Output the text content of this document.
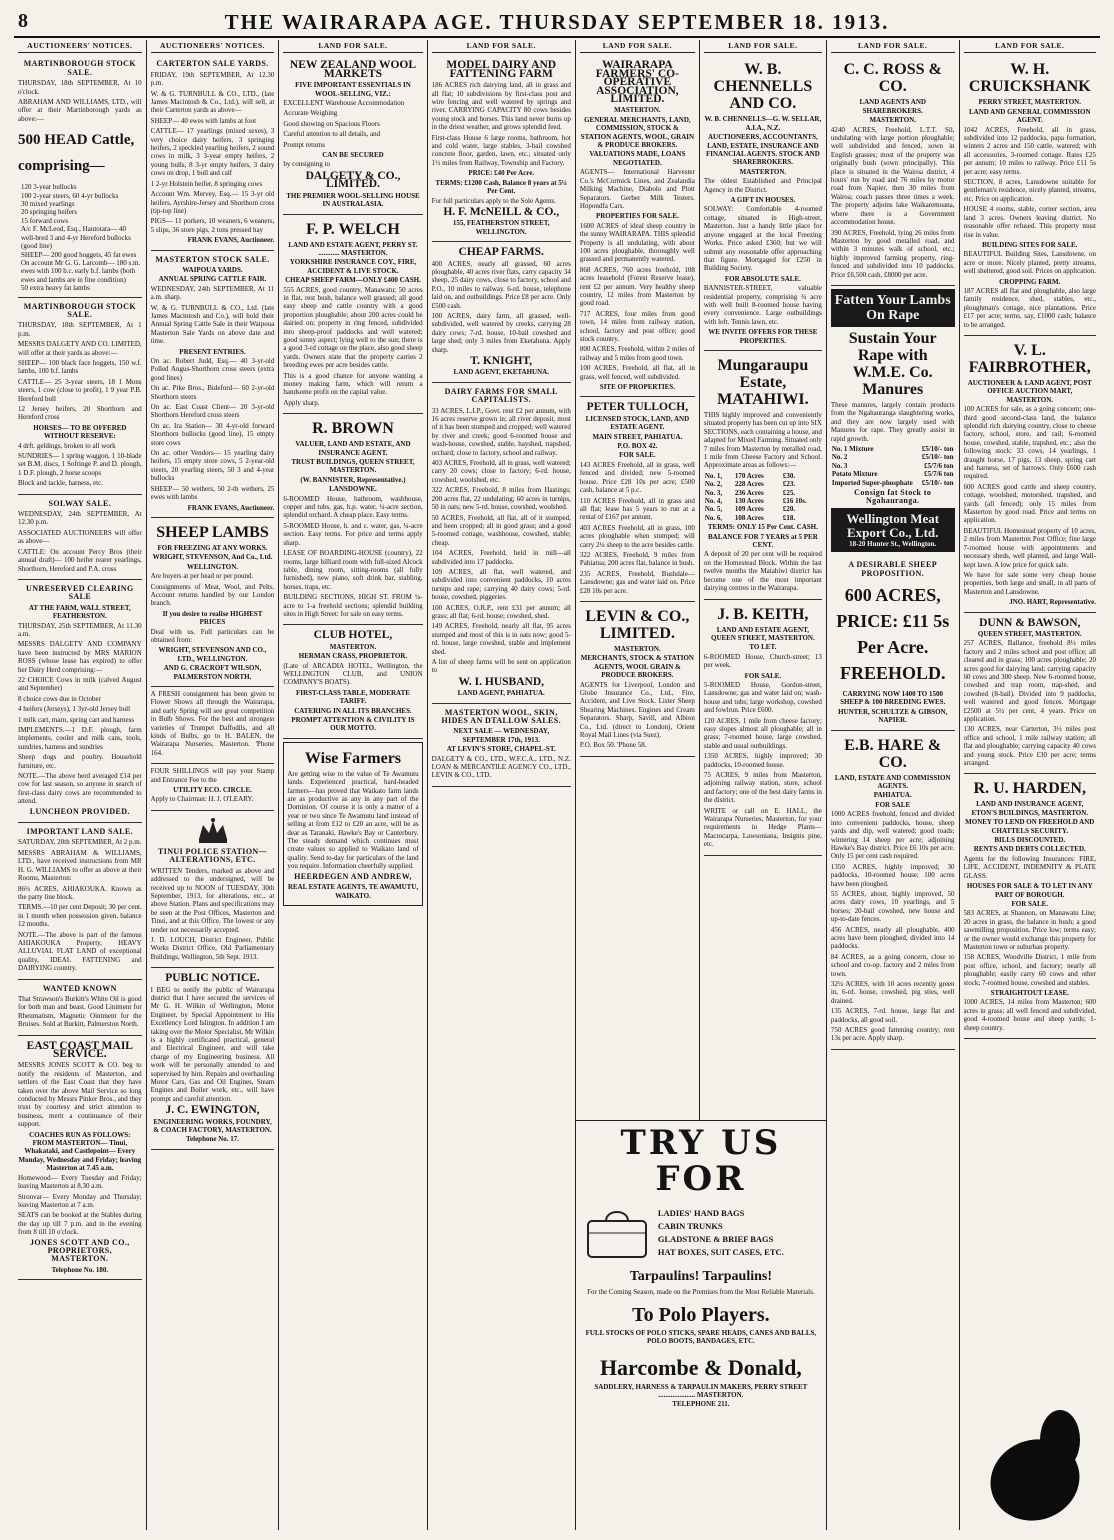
8	THE WAIRARAPA AGE. THURSDAY SEPTEMBER 18. 1913.
AUCTIONEERS' NOTICES.
MARTINBOROUGH STOCK SALE.

THURSDAY, 18th SEPTEMBER, At 10 o'clock.

ABRAHAM AND WILLIAMS, LTD., will offer at their Martinborough yards as above:—

500 HEAD Cattle, comprising—
120 3-year bullocks
100 2-year steers, 60 4-yr bullocks
30 mixed yearlings
20 springing heifers
15 forward cows
A/c F. McLeod, Esq., Hautotara— 40 well-bred 3 and 4-yr Hereford bullocks (good line)
SHEEP— 200 good hoggets, 45 fat ewes
On account Mr G. G. Larcomb— 180 s.m. ewes with 100 b.c. early b.f. lambs (both ewes and lambs are in fine condition)
50 extra heavy fat lambs
MARTINBOROUGH STOCK SALE.

THURSDAY, 18th SEPTEMBER, At 1 p.m.

MESSRS DALGETY AND CO. LIMITED, will offer at their yards as above:—

SHEEP— 100 black face hoggets, 150 w.f. lambs, 100 b.f. lambs

CATTLE— 25 3-year steers, 18 1 Mons steers, 1 cow (close to profit), 1 9 year P.B. Hereford bull

12 Jersey heifers, 20 Shorthorn and Hereford cross

HORSES— TO BE OFFERED WITHOUT RESERVE:

4 drft. geldings, broken to all work

SUNDRIES— 1 spring waggon, 1 10-blade set B.M. discs, 1 Sofringe P. and D. plough, 1 D.F. plough, 2 horse scoops

Block and tackle, harness, etc.

SOLWAY SALE.

WEDNESDAY, 24th SEPTEMBER, At 12.30 p.m.

ASSOCIATED AUCTIONEERS will offer as above—

CATTLE: On account Percy Bros (their annual draft)— 100 heifer rearer yearlings, Shorthorn, Hereford and P.A. cross

UNRESERVED CLEARING SALE

AT THE FARM, WALL STREET, FEATHERSTON.

THURSDAY, 25th SEPTEMBER, At 11.30 a.m.

MESSRS DALGETY AND COMPANY have been instructed by MRS MARION ROSS (whose lease has expired) to offer her Dairy Herd comprising:—

22 CHOICE Cows in milk (calved August and September)

8 choice cows due in October

4 heifers (Jerseys), 1 3yr-old Jersey bull

1 milk cart, marn, spring cart and harness

IMPLEMENTS.—1 D.F. plough, farm implements, cooler and milk cans, tools, sundries, harness and sundries

Sheep dogs and poultry. Household furniture, etc.

NOTE.—The above herd averaged £14 per cow for last season, so anyone in search of first-class dairy cows are recommended to attend.

LUNCHEON PROVIDED.
IMPORTANT LAND SALE.

SATURDAY, 20th SEPTEMBER, At 2 p.m.

MESSRS ABRAHAM & WILLIAMS, LTD., have received instructions from MR H. G. WILLIAMS to offer as above at their Rooms, Masterton:

86½ ACRES, AHIAKOUKA. Known as the party line block.

TERMS.—10 per cent Deposit; 30 per cent. in 1 month when possession given, balance 12 months.

NOTE.—The above is part of the famous AHIAKOUKA Property, HEAVY ALLUVIAL FLAT LAND of exceptional quality, IDEAL FATTENING and DAIRYING country.

WANTED KNOWN

That Strawson's Burkitt's White Oil is good for both man and beast. Good Liniment for Rheumatism, Magnetic Ointment for the Bruises. Sold at Burkitt, Palmerston North.

EAST COAST MAIL SERVICE.

MESSRS JONES SCOTT & CO. beg to notify the residents of Masterton, and settlers of the East Coast that they have taken over the above Mail Service so long conducted by Messrs Pinker Bros., and they trust by courtesy and strict attention to business, merit a continuance of their support.

COACHES RUN AS FOLLOWS: FROM MASTERTON— Tinui, Whakataki, and Castlepoint— Every Monday, Wednesday and Friday; leaving Masterton at 7.45 a.m.

Homewood— Every Tuesday and Friday; leaving Masterton at 8.30 a.m.

Stronvar— Every Monday and Thursday; leaving Masterton at 7 a.m.

SEATS can be booked at the Stables during the day up till 7 p.m. and in the evening from 8 till 10 o'clock.

JONES SCOTT AND CO., PROPRIETORS, MASTERTON.

Telephone No. 180.

AUCTIONEERS' NOTICES.
CARTERTON SALE YARDS.

FRIDAY, 19th SEPTEMBER, At 12.30 p.m.

W. & G. TURNBULL & CO., LTD., (late James Macintosh & Co., Ltd.), will sell, at their Carterton yards as above—

SHEEP— 40 ewes with lambs at foot

CATTLE— 17 yearlings (mixed sexes), 3 very choice dairy heifers, 3 springing heifers, 2 speckled yearling heifers, 2 sound cows in milk, 3 3-year empty heifers, 2 young bulls, 8 3-yr empty heifers, 3 dairy cows on drop, 1 bull and calf

1 2-yr Holstein heifer, 8 springing cows

Account Wm. Mervey, Esq.— 15 3-yr old heifers, Ayrshire-Jersey and Shorthorn cross (tip-top line)

PIGS— 11 porkers, 10 weaners, 6 weaners, 5 slips, 36 store pigs, 2 tons pressed hay

FRANK EVANS, Auctioneer.

MASTERTON STOCK SALE.

WAIPOUA YARDS.

ANNUAL SPRING CATTLE FAIR.

WEDNESDAY, 24th SEPTEMBER, At 11 a.m. sharp.

W. & G. TURNBULL & CO., Ltd. (late James Macintosh and Co.), will hold their Annual Spring Cattle Sale in their Waipoua Masterton Sale Yards on above date and time.

PRESENT ENTRIES.

On ac. Robert Judd, Esq.— 40 3-yr-old Polled Angus-Shorthorn cross steers (extra good lines)

On ac. Pike Bros., Bideford— 60 2-yr-old Shorthorn steers

On ac. East Coast Client— 20 3-yr-old Shorthorn Hereford cross steers

On ac. Ira Station— 30 4-yr-old forward Shorthorn bullocks (good line), 15 empty store cows

On ac. other Vendors— 15 yearling dairy heifers, 15 empty store cows, 5 2-year-old steers, 20 yearling steers, 50 3 and 4-year bullocks

SHEEP— 50 wethers, 50 2-th wethers, 25 ewes with lambs

FRANK EVANS, Auctioneer.

SHEEP LAMBS

FOR FREEZING AT ANY WORKS.

WRIGHT, STEVENSON, And Co., Ltd.

WELLINGTON.

Are buyers at per head or per pound.

Consignments of Meat, Wool, and Pelts. Account returns handled by our London branch.

If you desire to realise HIGHEST PRICES

Deal with us. Full particulars can be obtained from:

WRIGHT, STEVENSON AND CO., LTD., WELLINGTON.

AND G. CRACROFT WILSON, PALMERSTON NORTH.

A FRESH consignment has been given to Flower Shows all through the Wairarapa, and early Spring will see great competition in Bulb Shows. For the best and strongest varieties of Trumpet Daffodils, and all kinds of Bulbs, go to H. BALEN, the Wairarapa Nurseries, Masterton. 'Phone 164.

FOUR SHILLINGS will pay your Stamp and Entrance Fee to the

UTILITY ECO. CIRCLE.

Apply to Chairman: H. J. O'LEARY.

TINUI POLICE STATION—ALTERATIONS, ETC.

WRITTEN Tenders, marked as above and addressed to the undersigned, will be received up to NOON of TUESDAY, 30th September, 1913, for alterations, etc., at above Station. Plans and specifications may be seen at the Post Offices, Masterton and Tinui, and at this Office. The lowest or any tender not necessarily accepted.

J. D. LOUCH, District Engineer, Public Works District Office, Old Parliamentary Buildings, Wellington, 5th Sept. 1913.

PUBLIC NOTICE.

I BEG to notify the public of Wairarapa district that I have secured the services of Mr G. H. Wilkin of Wellington, Motor Engineer, by Special Appointment to His Excellency Lord Islington. In addition I am taking over the Motor Specialist, Mr Wilkin is a highly certificated practical, general and Electrical Engineer, and will take charge of my Engineering business. All work will be personally attended to and supervised by him. Repairs and overhauling Motor Cars, Gas and Oil Engines, Steam Engines and Boiler work, etc., will have prompt and careful attention.

J. C. EWINGTON,

ENGINEERING WORKS, FOUNDRY, & COACH FACTORY, MASTERTON.

Telephone No. 17.

LAND FOR SALE.
NEW ZEALAND WOOL MARKETS

FIVE IMPORTANT ESSENTIALS IN WOOL-SELLING, VIZ.:

EXCELLENT Warehouse Accommodation

Accurate Weighing

Good showing on Spacious Floors

Careful attention to all details, and

Prompt returns

CAN BE SECURED

by consigning to

DALGETY & CO., LIMITED.

THE PREMIER WOOL-SELLING HOUSE IN AUSTRALASIA.

F. P. WELCH

LAND AND ESTATE AGENT, PERRY ST. ............ MASTERTON.

YORKSHIRE INSURANCE COY., FIRE, ACCIDENT & LIVE STOCK.

CHEAP SHEEP FARM—ONLY £400 CASH.

555 ACRES, good country, Manawatu; 50 acres in flat, rest bush, balance well grassed; all good easy sheep and cattle country with a good proportion ploughable; about 200 acres could be dairied on; property in ring fenced, subdivided into sheep-proof paddocks and well watered; good sunny aspect; lying well to the sun; there is a good 3-rd cottage on the place, also good sheep yards. Owners state that the property carries 2 breeding ewes per acre besides cattle.

This is a good chance for anyone wanting a money making farm, which will return a handsome profit on the capital value.

Apply sharp.

R. BROWN

VALUER, LAND AND ESTATE, AND INSURANCE AGENT.

TRUST BUILDINGS, QUEEN STREET, MASTERTON.

(W. BANNISTER, Representative.)

LANSDOWNE.

6-ROOMED House, bathroom, washhouse, copper and tubs, gas, h.p. water, ¼-acre section, splendid orchard. A cheap place. Easy terms.

5-ROOMED House, h. and c. water, gas, ¼-acre section. Easy terms. For price and terms apply sharp.

LEASE OF BOARDING-HOUSE (country), 22 rooms, large billiard room with full-sized Alcock table, dining room, sitting-rooms (all fully furnished), new piano, soft drink bar, stabling, horses, traps, etc.

BUILDING SECTIONS, HIGH ST. FROM ¼-acre to 1-a freehold sections; splendid building sites in High Street: for sale on easy terms.

CLUB HOTEL,

MASTERTON.

HERMAN CRASS, PROPRIETOR.

(Late of ARCADIA HOTEL, Wellington, the WELLINGTON CLUB, and UNION COMPANY'S BOATS).

FIRST-CLASS TABLE, MODERATE TARIFF.

CATERING IN ALL ITS BRANCHES.

PROMPT ATTENTION & CIVILITY IS OUR MOTTO.

Wise Farmers

Are getting wise to the value of Te Awamutu lands. Experienced practical, hard-headed farmers—has proved that Waikato farm lands are as productive as any in any part of the Dominion. Of course it is only a matter of a year or two since Te Awamutu land instead of selling at from £12 to £20 an acre, will be as dear as Taranaki, Hawke's Bay or Canterbury. The steady demand which continues must create values so applied to Waikato land of quality. Send to-day for particulars of the land you require. Information cheerfully supplied.

HEERDEGEN AND ANDREW,

REAL ESTATE AGENTS, TE AWAMUTU, WAIKATO.

LAND FOR SALE.
MODEL DAIRY AND FATTENING FARM

186 ACRES rich dairying land, all in grass and all flat; 10 subdivisions by first-class post and wire fencing and well watered by springs and river. CARRYING CAPACITY 80 cows besides young stock and horses. This land never burns up in the driest weather, and grows splendid feed.

First-class House 6 large rooms, bathroom, hot and cold water, large stables, 3-bail cowshed concrete floor, garden, lawn, etc.; situated only 1½ miles from Railway, Township and Factory.

PRICE: £40 Per Acre.

TERMS: £1200 Cash, Balance 8 years at 5¼ Per Cent.

For full particulars apply to the Sole Agents.

H. F. McNEILL & CO.,

155, FEATHERSTON STREET, WELLINGTON.

CHEAP FARMS.

400 ACRES, nearly all grassed, 60 acres ploughable, 40 acres river flats, carry capacity 34 sheep, 25 dairy cows, close to factory, school and P.O., 10 miles to railway. 6-rd. house, telephone laid on, and outbuildings. Price £8 per acre. Only £500 cash.

100 ACRES, dairy farm, all grassed, well-subdivided, well watered by creeks, carrying 28 dairy cows; 7-rd. house, 10-bail cowshed and large shed; only 3 miles from Eketahuna. Apply sharp.

T. KNIGHT,

LAND AGENT, EKETAHUNA.

DAIRY FARMS FOR SMALL CAPITALISTS.

33 ACRES, L.I.P., Govt. rent £2 per annum, with 16 acres reserve grown in; all river deposit, most of it has been stumped and cropped; well watered by river and creek; good 6-roomed house and wash-house, cowshed, stable, hayshed, trapshed, orchard; close to factory, school and railway.

403 ACRES, Freehold, all in grass, well watered; carry 20 cows; close to factory; 6-rd. house, cowshed, woolshed, etc.

322 ACRES, Freehold, 8 miles from Hastings; 200 acres flat, 22 undulating; 60 acres in turnips, 50 in oats; new 5-rd. house, cowshed, woolshed.

50 ACRES, Freehold, all flat, all of it stumped, and been cropped; all in good grass; and a good 5-roomed cottage, washhouse, cowshed, stable; cheap.

104 ACRES, Freehold, held in mill—all subdivided into 17 paddocks.

109 ACRES, all flat, well watered, and subdivided into convenient paddocks, 10 acres turnips and rape; carrying 40 dairy cows; 5-rd. house, cowshed, piggeries.

100 ACRES, O.R.P., rent £31 per annum; all grass; all flat; 6-rd. house; cowshed, shed.

149 ACRES, Freehold, nearly all flat, 95 acres stumped and most of this is in oats now; good 5-rd. house, large cowshed, stable and implement shed.

A list of sheep farms will be sent on application to

W. I. HUSBAND,

LAND AGENT, PAHIATUA.

MASTERTON WOOL, SKIN, HIDES AN DTALLOW SALES.

NEXT SALE — WEDNESDAY, SEPTEMBER 17th, 1913.

AT LEVIN'S STORE, CHAPEL-ST.

DALGETY & CO., LTD., W.F.C.A., LTD., N.Z. LOAN & MERCANTILE AGENCY CO., LTD., LEVIN & CO., LTD.

LAND FOR SALE.
WAIRARAPA FARMERS' CO-OPERATIVE ASSOCIATION, LIMITED.

MASTERTON.

GENERAL MERCHANTS, LAND, COMMISSION, STOCK & STATION AGENTS, WOOL, GRAIN & PRODUCE BROKERS.

VALUATIONS MADE, LOANS NEGOTIATED.

AGENTS— International Harvester Co.'s McCormick Lines, and Zealandia Milking Machine, Diabolo and Plott Separators. Gerber Milk Testers. Hopondfa Cars.

PROPERTIES FOR SALE.

1600 ACRES of ideal sheep country in the sunny WAIRARAPA. THIS splendid Property is all undulating, with about 100 acres ploughable, thoroughly well grassed and permanently watered.

868 ACRES, 760 acres freehold, 108 acres leasehold (Forest Reserve lease), rent £2 per annum. Very healthy sheep country, 12 miles from Masterton by good road.

717 ACRES, four miles from good town, 14 miles from railway station, school, factory and post office; good stock country.

800 ACRES, Freehold, within 2 miles of railway and 5 miles from good town.

100 ACRES, Freehold, all flat, all in grass, well fenced, well subdivided.

SITE OF PROPERTIES.

PETER TULLOCH,

LICENSED STOCK, LAND, AND ESTATE AGENT.

MAIN STREET, PAHIATUA.

P.O. BOX 42.

FOR SALE.

143 ACRES Freehold, all in grass, well fenced and divided; new 5-roomed house. Price £28 10s per acre; £500 cash, balance at 5 p.c.

110 ACRES Freehold, all in grass and all flat; lease has 5 years to run at a rental of £167 per annum.

403 ACRES Freehold, all in grass, 100 acres ploughable when stumped; will carry 2¼ sheep to the acre besides cattle.

322 ACRES, Freehold, 9 miles from Pahiatua; 200 acres flat, balance in bush.

235 ACRES, Freehold, Bushdale—Lansdowne; gas and water laid on. Price £28 10s per acre.

LEVIN & CO., LIMITED.

MASTERTON.

MERCHANTS, STOCK & STATION AGENTS, WOOL GRAIN & PRODUCE BROKERS.

AGENTS for Liverpool, London and Globe Insurance Co., Ltd., Fire, Accident, and Live Stock. Lister Sheep Shearing Machines. Engines and Cream Separators. Sharp, Savill, and Albion Co., Ltd. (direct to London), Orient Royal Mail Lines (via Suez).

P.O. Box 50. 'Phone 58.

LAND FOR SALE.
W. B. CHENNELLS AND CO.

W. B. CHENNELLS—G. W. SELLAR, A.I.A., N.Z.

AUCTIONEERS, ACCOUNTANTS, LAND, ESTATE, INSURANCE AND FINANCIAL AGENTS. STOCK AND SHAREBROKERS.

MASTERTON.

The oldest Established and Principal Agency in the District.

A GIFT IN HOUSES.

SOLWAY: Comfortable 4-roomed cottage, situated in High-street, Masterton. Just a handy little place for anyone engaged at the local Freezing Works. Price asked £360; but we will submit any reasonable offer approaching that figure. Mortgaged for £250 in Building Society.

FOR ABSOLUTE SALE.

BANNISTER-STREET, valuable residential property, comprising ¾ acre with well built 8-roomed house having every convenience. Large outbuildings with loft. Tennis lawn, etc.

WE INVITE OFFERS FOR THESE PROPERTIES.

Mungaraupu Estate, MATAHIWI.

THIS highly improved and conveniently situated property has been cut up into SIX SECTIONS, each containing a house, and adapted for Mixed Farming. Situated only 7 miles from Masterton by metalled road, 1 mile from Cheese Factory and School. Approximate areas as follows:—

No. 1,	170 Acres	£30.
No. 2,	228 Acres	£23.
No. 3,	236 Acres	£25.
No. 4,	130 Acres	£16 10s.
No. 5,	109 Acres	£20.
No. 6,	108 Acres	£18.

TERMS: ONLY 15 Per Cent. CASH.

BALANCE FOR 7 YEARS at 5 PER CENT.

A deposit of 20 per cent will be required on the Homestead Block. Within the last twelve months the Matahiwi district has become one of the most important dairying centres in the Wairarapa.

J. B. KEITH,

LAND AND ESTATE AGENT, QUEEN STREET, MASTERTON.

TO LET.

6-ROOMED House, Church-street; 13 per week.

FOR SALE.

5-ROOMED House, Gordon-street, Lansdowne; gas and water laid on; wash-house and tubs; large workshop, cowshed and fowlrun. Price £600.

120 ACRES, 1 mile from cheese factory; easy slopes almost all ploughable; all in grass; 7-roomed house, large cowshed, stable and usual outbuildings.

1350 ACRES, highly improved; 30 paddocks, 10-roomed house.

75 ACRES, 9 miles from Masterton, adjoining railway station, store, school and factory; one of the best dairy farms in the district.

WRITE or call on E. HALL, the Wairarapa Nurseries, Masterton, for your requirements in Hedge Plants—Macrocarpa, Lawsoniana, Insignis pine, etc.

TRY US FOR
LADIES' HAND BAGS
CABIN TRUNKS
GLADSTONE & BRIEF BAGS
HAT BOXES, SUIT CASES, ETC.
Tarpaulins! Tarpaulins!

For the Coming Season, made on the Premises from the Most Reliable Materials.

To Polo Players.

FULL STOCKS OF POLO STICKS, SPARE HEADS, CANES AND BALLS, POLO BOOTS, BANDAGES, ETC.

Harcombe & Donald,

SADDLERY, HARNESS & TARPAULIN MAKERS, PERRY STREET ..................... MASTERTON.

TELEPHONE 211.

LAND FOR SALE.
C. C. ROSS & CO.

LAND AGENTS AND SHAREBROKERS.

MASTERTON.

4240 ACRES, Freehold, L.T.T. Sil, undulating with large portion ploughable; well subdivided and fenced, sown in English grasses; most of the property was originally bush (sown principally). This place is situated in the Wairoa district, 4 hours' run by road and 76 miles by motor road from Napier, then 30 miles from Wairoa; coach passes three times a week. The property adjoins lake Waikaremoana, where there is a Government accommodation house.

390 ACRES, Freehold, lying 26 miles from Masterton by good metalled road, and within 3 minutes walk of school, etc.; highly improved farming property, ring-fenced and subdivided into 10 paddocks. Price £6,500 cash, £8000 per acre.

Fatten Your Lambs On Rape
Sustain Your Rape with W.M.E. Co. Manures

These manures, largely contain products from the Ngahauranga slaughtering works, and they are now largely used with Manures for rape. They greatly assist in rapid growth.

No. 1 Mixture	£5/10/- ton
No. 2	£5/10/- ton
No. 3	£5/7/6 ton
Potato Mixture	£5/7/6 ton
Imported Super-phosphate	£5/10/- ton
Consign fat Stock to Ngahauranga.
Wellington Meat Export Co., Ltd.
18-20 Hunter St., Wellington.
A DESIRABLE SHEEP PROPOSITION.
600 ACRES, PRICE: £11 5s Per Acre. FREEHOLD.

CARRYING NOW 1400 TO 1500 SHEEP & 100 BREEDING EWES.

HUNTER, SCHULTZE & GIBSON, NAPIER.

E.B. HARE & CO.

LAND, ESTATE AND COMMISSION AGENTS.

PAHIATUA.

FOR SALE

1000 ACRES freehold, fenced and divided into convenient paddocks, house, sheep yards and dip, well watered; good roads; wintering 14 sheep per acre; adjoining Hawke's Bay district. Price £6 10s per acre. Only 15 per cent cash required.

1350 ACRES, highly improved; 30 paddocks, 10-roomed house; 100 acres have been ploughed.

55 ACRES, about, highly improved, 50 acres dairy cows, 10 yearlings, and 5 horses; 20-bail cowshed, new house and up-to-date fences.

456 ACRES, nearly all ploughable, 400 acres have been ploughed, divided into 14 paddocks.

84 ACRES, as a going concern, close to school and co-op. factory and 2 miles from town.

32¼ ACRES, with 10 acres recently green in, 6-rd. house, cowshed, pig sties, well drained.

135 ACRES, 7-rd. house, large flat and paddocks, all good soil.

750 ACRES good fattening country; rent 13s per acre. Apply sharp.

LAND FOR SALE.
W. H. CRUICKSHANK

PERRY STREET, MASTERTON.

LAND AND GENERAL COMMISSION AGENT.

1042 ACRES, Freehold, all in grass, subdivided into 12 paddocks, papa formation, winters 2 acres and 150 cattle, watered; with all accessories, 3-roomed cottage. Rates £25 per annum; 10 miles to railway. Price £11 5s per acre; easy terms.

SECTION, 8 acres, Lansdowne suitable for gentleman's residence, nicely planted, streams, etc. Price on application.

HOUSE 4 rooms, stable, corner section, area land 3 acres. Owners leaving district. No reasonable offer refused. This property must rise in value.

BUILDING SITES FOR SALE.

BEAUTIFUL Building Sites, Lansdowne, on acre or more. Nicely planted, pretty streams, well sheltered, good soil. Prices on application.

CROPPING FARM.

187 ACRES all flat and ploughable, also large family residence, shed, stables, etc., ploughman's cottage, nice plantations. Price £17 per acre; terms, say, £1000 cash; balance to be arranged.

V. L. FAIRBROTHER,

AUCTIONEER & LAND AGENT, POST OFFICE AUCTION MART, MASTERTON.

100 ACRES for sale, as a going concern; one-third good second-class land, the balance splendid rich dairying country, close to cheese factory, school, store, and rail; 6-roomed house, cowshed, stable, trapshed, etc.; also the following stock: 33 cows, 14 yearlings, 1 draught horse, 17 pigs, 13 sheep, spring cart and harness, set of harrows. Only £600 cash required.

600 ACRES good cattle and sheep country, cottage, woolshed, motorshed, trapshed, and yards (all fenced); only 15 miles from Masterton by good road. Price and terms on application.

BEAUTIFUL Homestead property of 10 acres, 2 miles from Masterton Post Office; fine large 7-roomed house with appointments and necessary sheds, well planted, and large Wall-kept lawn. A low price for quick sale.

We have for sale some very cheap house properties, both large and small, in all parts of Masterton and Lansdowne.

JNO. HART, Representative.

DUNN & BAWSON,

QUEEN STREET, MASTERTON.

257 ACRES, Ballance, freehold 8½ miles factory and 2 miles school and post office; all cleared and in grass; 100 acres ploughable; 20 acres good for dairying land; carrying capacity 60 cows and 300 sheep. New 6-roomed house, cowshed and trap room, trap-shed, and cowshed (8-bail). Divided into 9 paddocks, well watered and good fences. Mortgage £2500 at 5½ per cent, 4 years. Price on application.

130 ACRES, near Carterton, 3½ miles post office and school, 1 mile railway station; all flat and ploughable; carrying capacity 40 cows and young stock. Price £30 per acre; terms arranged.

R. U. HARDEN,

LAND AND INSURANCE AGENT, ETON'S BUILDINGS, MASTERTON.

MONEY TO LEND ON FREEHOLD AND CHATTELS SECURITY.

BILLS DISCOUNTED.

RENTS AND DEBTS COLLECTED.

Agents for the following Insurances: FIRE, LIFE, ACCIDENT, INDEMNITY & PLATE GLASS.

HOUSES FOR SALE & TO LET IN ANY PART OF BOROUGH.

FOR SALE.

583 ACRES, at Shannon, on Manawatu Line; 20 acres in grass, the balance in bush; a good sawmilling proposition. Price low; terms easy; or the owner would exchange this property for Masterton town or suburban property.

158 ACRES, Woodville District, 1 mile from post office, school, and factory; nearly all ploughable; easily carry 60 cows and other stock; 7-roomed house, cowshed and stables.

STRAIGHTOUT LEASE.

1000 ACRES, 14 miles from Masterton; 600 acres in grass; all well fenced and subdivided, good 4-roomed house and sheep yards; 1-sheep country.
